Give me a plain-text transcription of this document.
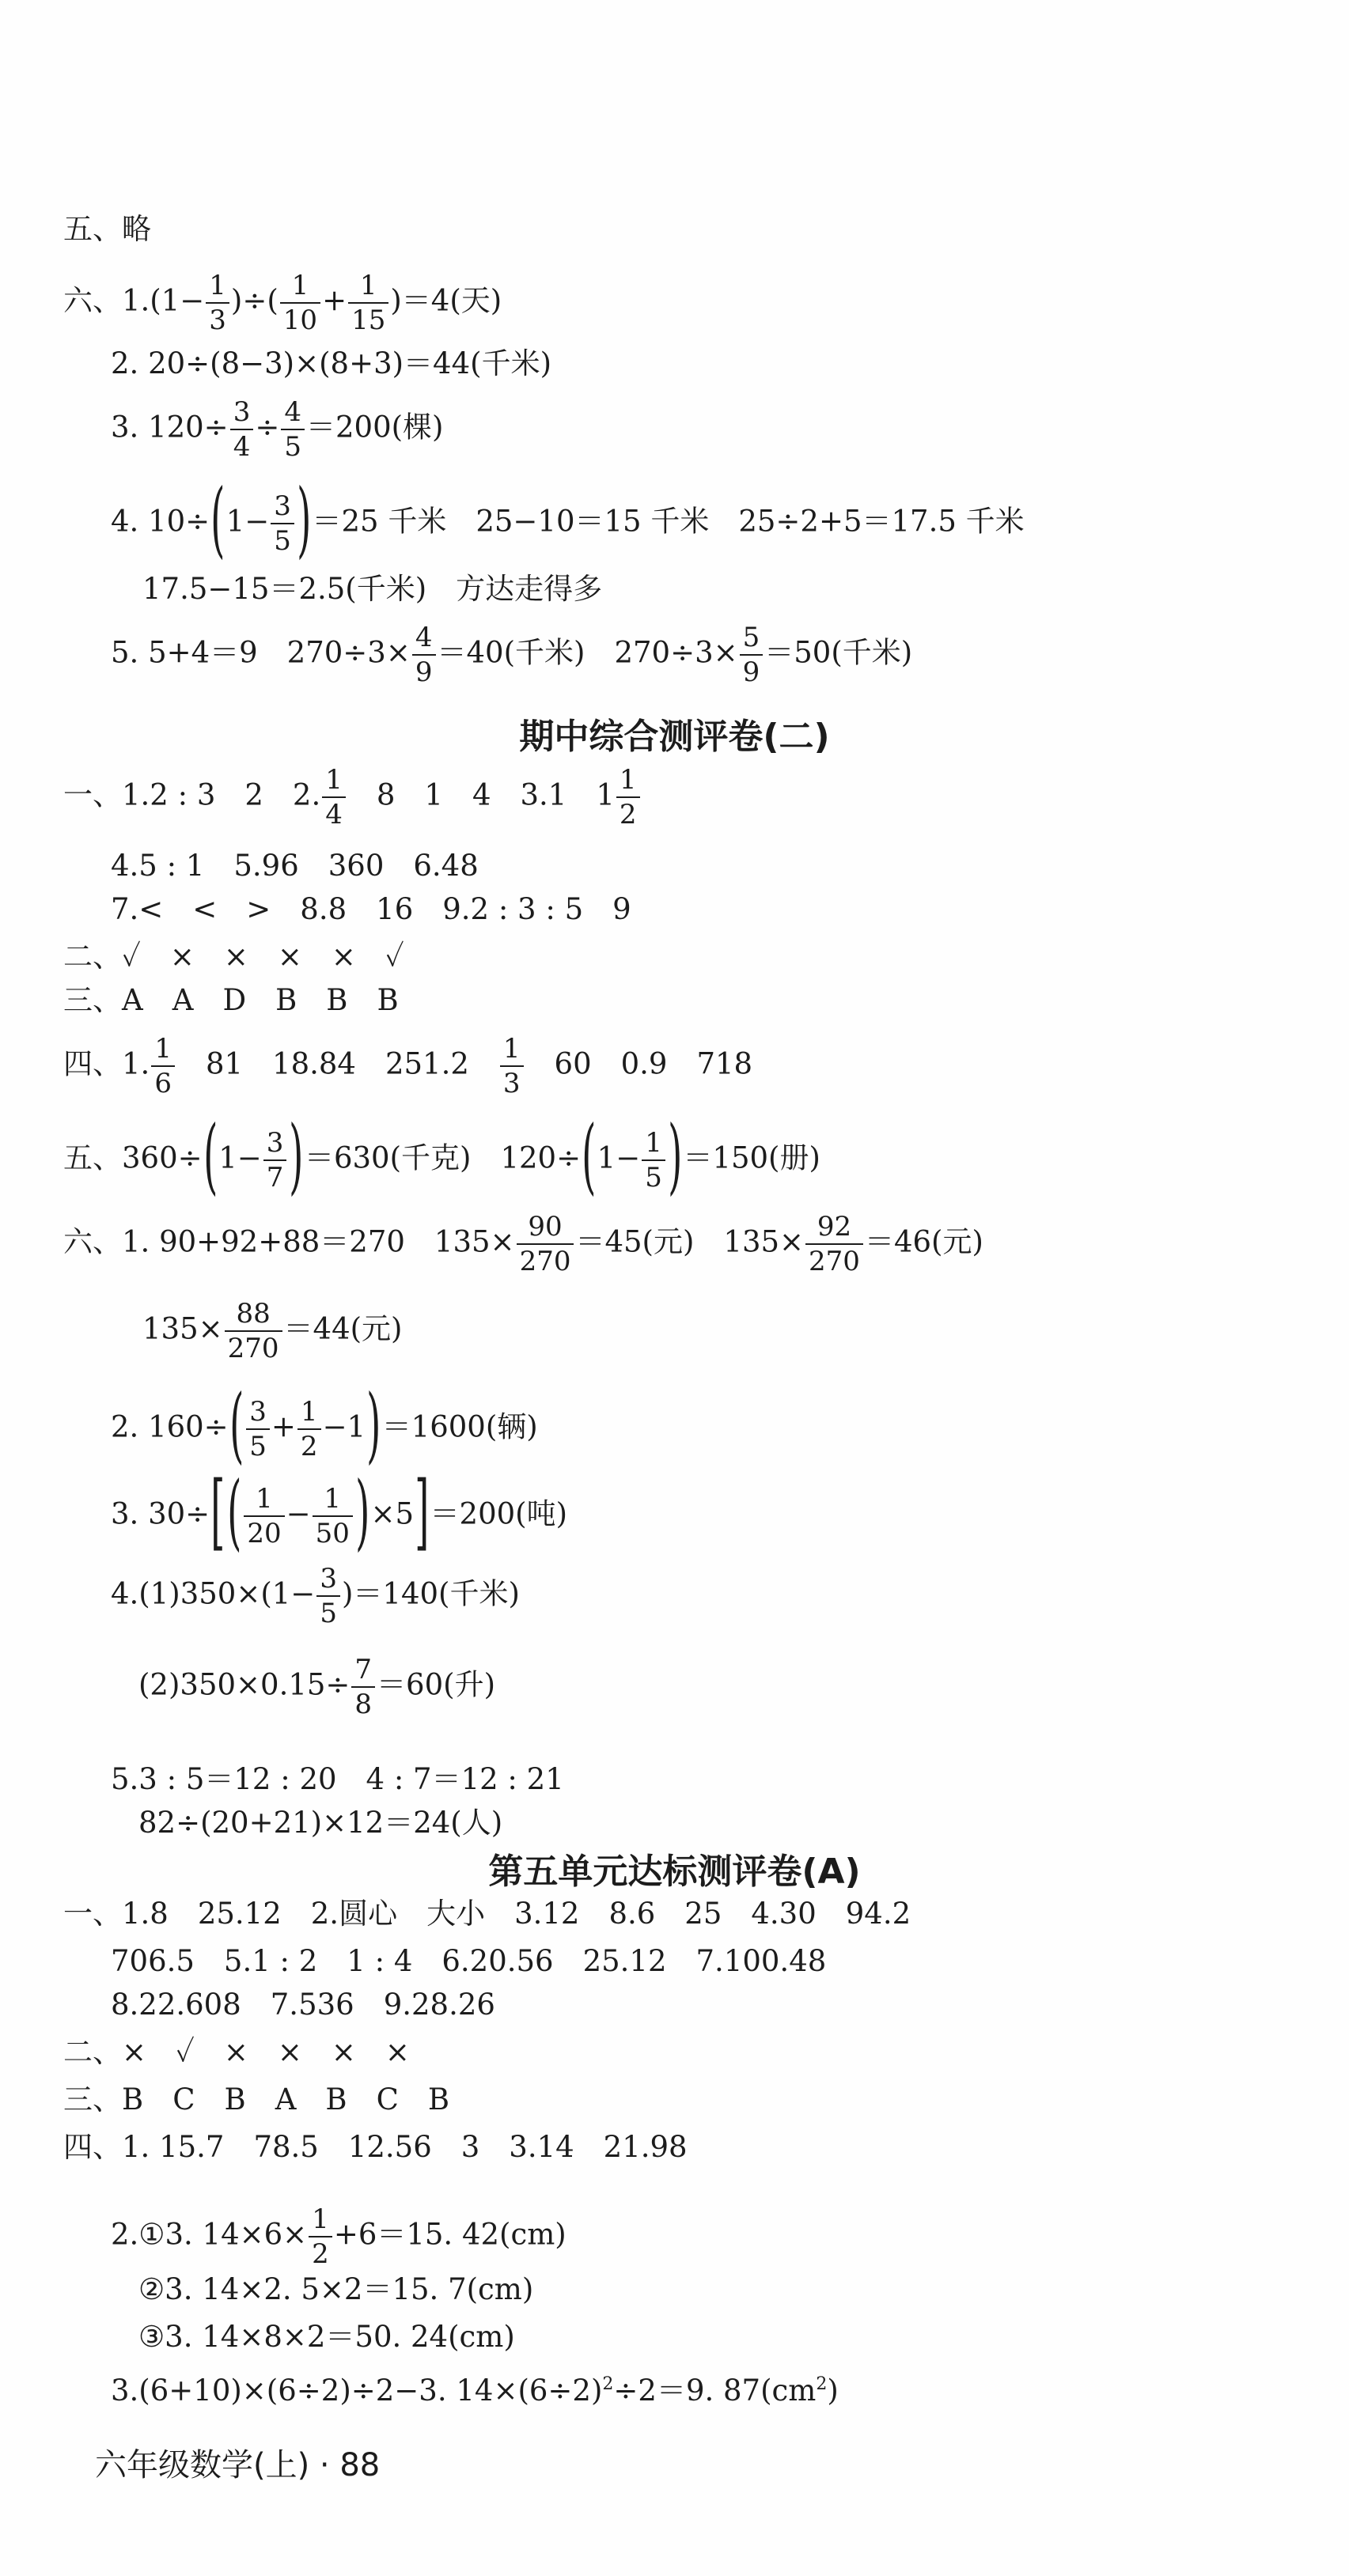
五、略
六、$1.(1- \frac{1}{3}$ )÷( $\frac{1}{10} + \frac{1}{15} )=4$(天)
2. 20÷(8−3)×(8+3)＝44(千米)
3. $120\div \frac{3}{4} \div \frac{4}{5} =200$(棵)
4. $10\div(1- \frac{3}{5} )=25$ 千米　25−10＝15 千米　25÷2+5＝17.5 千米
17.5−15＝2.5(千米)　方达走得多
5. 5+4＝9　$270\div 3\times \frac{4}{9} =40$(千米)　$270\div 3\times \frac{5}{9} =50$(千米)
期中综合测评卷(二)
一、1.2 : 3　2　2. $\frac{1}{4}$ 　8　1　4　3.1　$1 \frac{1}{2}$
4.5 : 1　5.96　360　6.48
7.<　<　>　8.8　16　9.2 : 3 : 5　9
二、✓　×　×　×　×　✓
三、A　A　D　B　B　B
四、1. $\frac{1}{6}$ 　81　18.84　251.2　 $\frac{1}{3}$ 　60　0.9　718
五、$360\div(1- \frac{3}{7} )=630$(千克)　$120\div(1- \frac{1}{5} )=150$(册)
六、1. 90+92+88＝270　$135\times \frac{90}{270} =45$(元)　$135\times \frac{92}{270} =46$(元)
$135\times \frac{88}{270} =44$(元)
2. $160\div( \frac{3}{5} + \frac{1}{2} -1)=1600$(辆)
3. $30\div[( \frac{1}{20} - \frac{1}{50} )\times 5]=200$(吨)
$4.(1)350\times(1- \frac{3}{5} )=140$(千米)
$(2)350\times 0.15\div \frac{7}{8} =60$(升)
5.3 : 5＝12 : 20　4 : 7＝12 : 21
82÷(20+21)×12＝24(人)
第五单元达标测评卷(A)
一、1.8　25.12　2.圆心　大小　3.12　8.6　25　4.30　94.2
706.5　5.1 : 2　1 : 4　6.20.56　25.12　7.100.48
8.22.608　7.536　9.28.26
二、×　✓　×　×　×　×
三、B　C　B　A　B　C　B
四、1. 15.7　78.5　12.56　3　3.14　21.98
2.①3. $14\times 6\times \frac{1}{2} +6=15$. 42(cm)
②3. 14×2. 5×2＝15. 7(cm)
③3. 14×8×2＝50. 24(cm)
3.(6+10)×(6÷2)÷2−3. $14\times(6\div 2)^2\div 2=9$. $87(cm^2)$
六年级数学(上) · 88
